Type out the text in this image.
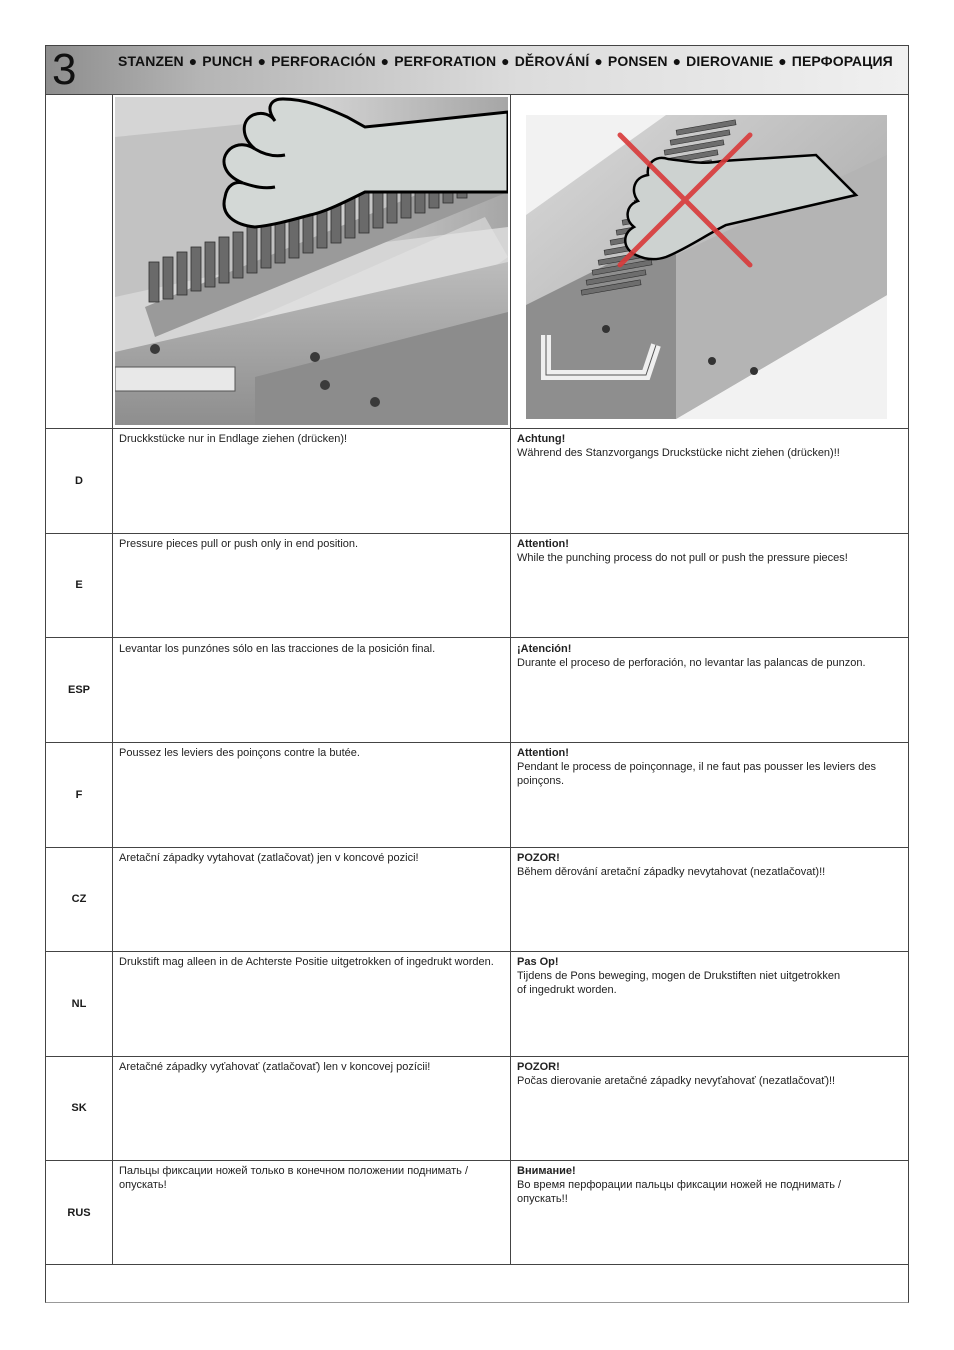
3	STANZEN ● PUNCH ● PERFORACIÓN ● PERFORATION ● DĚROVÁNÍ ● PONSEN ● DIEROVANIE ● ПЕРФОРАЦИЯ
D
Druckkstücke nur in Endlage ziehen (drücken)!	Achtung!
Während des Stanzvorgangs Druckstücke nicht ziehen (drücken)!!
E
Pressure pieces pull or push only in end position.	Attention!
While the punching process do not pull or push the pressure pieces!
ESP
Levantar los punzónes sólo en las tracciones de la posición final.	¡Atención!
Durante el proceso de perforación, no levantar las palancas de punzon.
F
Poussez les leviers des poinçons contre la butée.	Attention!
Pendant le process de poinçonnage, il ne faut pas pousser les leviers des poinçons.
CZ
Aretační západky vytahovat (zatlačovat) jen v koncové pozici!	POZOR!
Během děrování aretační západky nevytahovat (nezatlačovat)!!
NL
Drukstift mag alleen in de Achterste Positie uitgetrokken of ingedrukt worden.	Pas Op!
Tijdens de Pons beweging, mogen de Drukstiften niet uitgetrokken
of ingedrukt worden.
SK
Aretačné západky vyťahovať (zatlačovať) len v koncovej pozícii!	POZOR!
Počas dierovanie aretačné západky nevyťahovať (nezatlačovať)!!
RUS
Пальцы фиксации ножей только в конечном положении поднимать / опускать!
Внимание!
Во время перфорации пальцы фиксации ножей не поднимать / опускать!!
